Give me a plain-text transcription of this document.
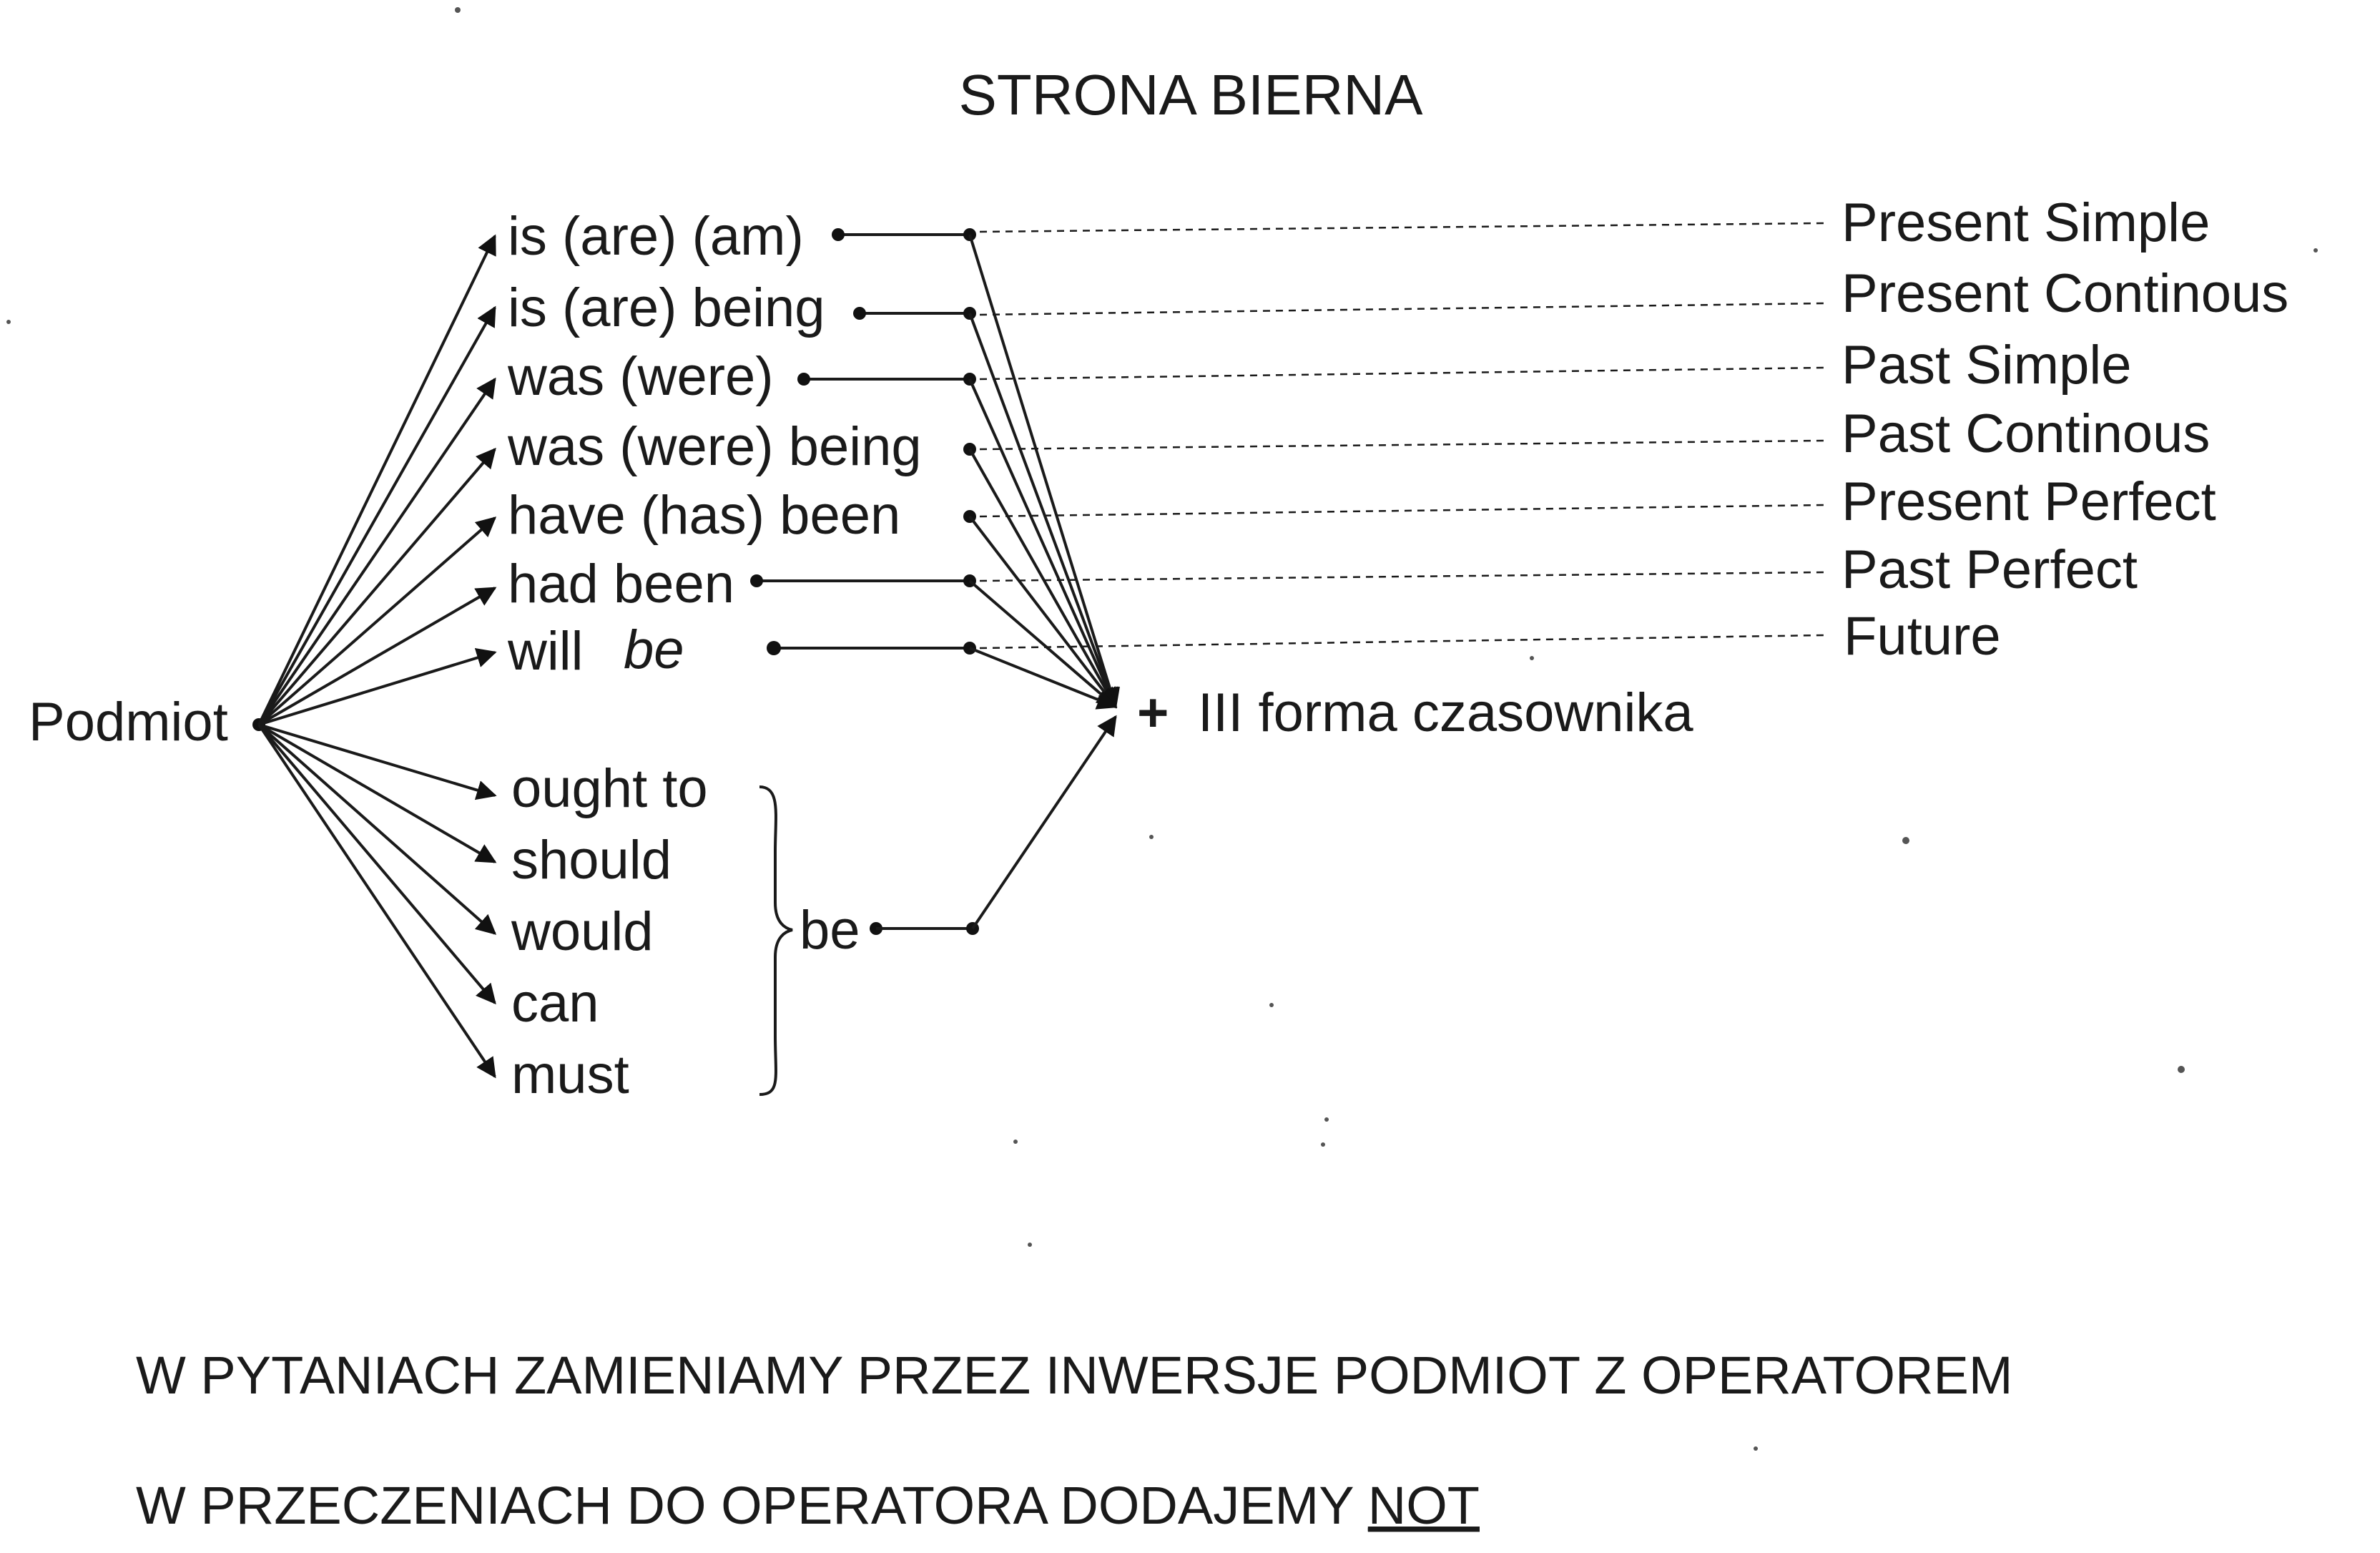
STRONA BIERNA
Podmiot
is (are) (am)
is (are) being
was (were)
was (were) being
have (has) been
had been
will be
Present Simple
Present Continous
Past Simple
Past Continous
Present Perfect
Past Perfect
Future
+ III forma czasownika
ought to
should
would
can
must
be
W PYTANIACH ZAMIENIAMY PRZEZ INWERSJE PODMIOT Z OPERATOREM
W PRZECZENIACH DO OPERATORA DODAJEMY NOT
